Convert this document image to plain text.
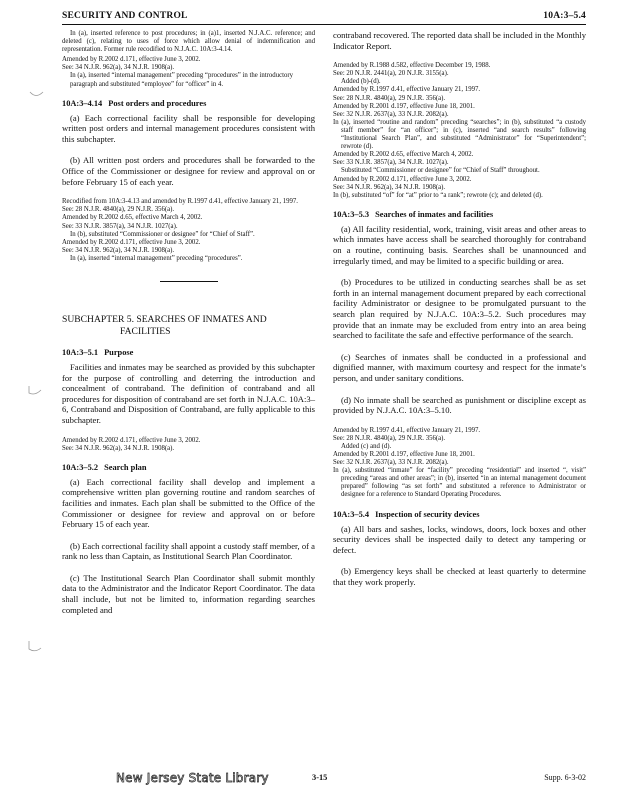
SECURITY AND CONTROL	10A:3–5.4

In (a), inserted reference to post procedures; in (a)1, inserted N.J.A.C. reference; and deleted (c), relating to uses of force which allow denial of indemnification and representation. Former rule recodified to N.J.A.C. 10A:3-4.14.

Amended by R.2002 d.171, effective June 3, 2002.
See: 34 N.J.R. 962(a), 34 N.J.R. 1908(a).
In (a), inserted “internal management” preceding “procedures” in the introductory paragraph and substituted “employee” for “officer” in 4.
10A:3–4.14 Post orders and procedures

(a) Each correctional facility shall be responsible for developing written post orders and internal management procedures consistent with this subchapter.

(b) All written post orders and procedures shall be forwarded to the Office of the Commissioner or designee for review and approval on or before February 15 of each year.

Recodified from 10A:3-4.13 and amended by R.1997 d.41, effective January 21, 1997.
See: 28 N.J.R. 4840(a), 29 N.J.R. 356(a).
Amended by R.2002 d.65, effective March 4, 2002.
See: 33 N.J.R. 3857(a), 34 N.J.R. 1027(a).
In (b), substituted “Commissioner or designee” for “Chief of Staff”.
Amended by R.2002 d.171, effective June 3, 2002.
See: 34 N.J.R. 962(a), 34 N.J.R. 1908(a).
In (a), inserted “internal management” preceding “procedures”.
SUBCHAPTER 5. SEARCHES OF INMATES AND
FACILITIES
10A:3–5.1 Purpose

Facilities and inmates may be searched as provided by this subchapter for the purpose of controlling and deterring the introduction and concealment of contraband. The definition of contraband and all procedures for disposition of contraband are set forth in N.J.A.C. 10A:3–6, Contraband and Disposition of Contraband, are fully applicable to this subchapter.

Amended by R.2002 d.171, effective June 3, 2002.
See: 34 N.J.R. 962(a), 34 N.J.R. 1908(a).
10A:3–5.2 Search plan

(a) Each correctional facility shall develop and implement a comprehensive written plan governing routine and random searches of facilities and inmates. Each plan shall be submitted to the Office of the Commissioner or designee for review and approval on or before February 15 of each year.

(b) Each correctional facility shall appoint a custody staff member, of a rank no less than Captain, as Institutional Search Plan Coordinator.

(c) The Institutional Search Plan Coordinator shall submit monthly data to the Administrator and the Indicator Report Coordinator. The data shall include, but not be limited to, information regarding searches completed and

contraband recovered. The reported data shall be included in the Monthly Indicator Report.

Amended by R.1988 d.582, effective December 19, 1988.
See: 20 N.J.R. 2441(a), 20 N.J.R. 3155(a).
Added (b)-(d).
Amended by R.1997 d.41, effective January 21, 1997.
See: 28 N.J.R. 4840(a), 29 N.J.R. 356(a).
Amended by R.2001 d.197, effective June 18, 2001.
See: 32 N.J.R. 2637(a), 33 N.J.R. 2082(a).
In (a), inserted “routine and random” preceding “searches”; in (b), substituted “a custody staff member” for “an officer”; in (c), inserted “and search results” following “Institutional Search Plan”, and substituted “Administrator” for “Superintendent”; rewrote (d).
Amended by R.2002 d.65, effective March 4, 2002.
See: 33 N.J.R. 3857(a), 34 N.J.R. 1027(a).
Substituted “Commissioner or designee” for “Chief of Staff” throughout.
Amended by R.2002 d.171, effective June 3, 2002.
See: 34 N.J.R. 962(a), 34 N.J.R. 1908(a).
In (b), substituted “of” for “at” prior to “a rank”; rewrote (c); and deleted (d).
10A:3–5.3 Searches of inmates and facilities

(a) All facility residential, work, training, visit areas and other areas to which inmates have access shall be searched thoroughly for contraband on a routine, continuing basis. Searches shall be unannounced and irregularly timed, and may be limited to a specific building or area.

(b) Procedures to be utilized in conducting searches shall be as set forth in an internal management document prepared by each correctional facility Administrator or designee to be promulgated pursuant to the search plan required by N.J.A.C. 10A:3–5.2. Such procedures may provide that an inmate may be excluded from entry into an area being searched to facilitate the safe and effective performance of the search.

(c) Searches of inmates shall be conducted in a professional and dignified manner, with maximum courtesy and respect for the inmate’s person, and under sanitary conditions.

(d) No inmate shall be searched as punishment or discipline except as provided by N.J.A.C. 10A:3–5.10.

Amended by R.1997 d.41, effective January 21, 1997.
See: 28 N.J.R. 4840(a), 29 N.J.R. 356(a).
Added (c) and (d).
Amended by R.2001 d.197, effective June 18, 2001.
See: 32 N.J.R. 2637(a), 33 N.J.R. 2082(a).
In (a), substituted “inmate” for “facility” preceding “residential” and inserted “, visit” preceding “areas and other areas”; in (b), inserted “in an internal management document prepared” following “as set forth” and substituted a reference to Administrator or designee for a reference to Standard Operating Procedures.
10A:3–5.4 Inspection of security devices

(a) All bars and sashes, locks, windows, doors, lock boxes and other security devices shall be inspected daily to detect any tampering or defect.

(b) Emergency keys shall be checked at least quarterly to determine that they work properly.

New Jersey State Library	3-15	Supp. 6-3-02
